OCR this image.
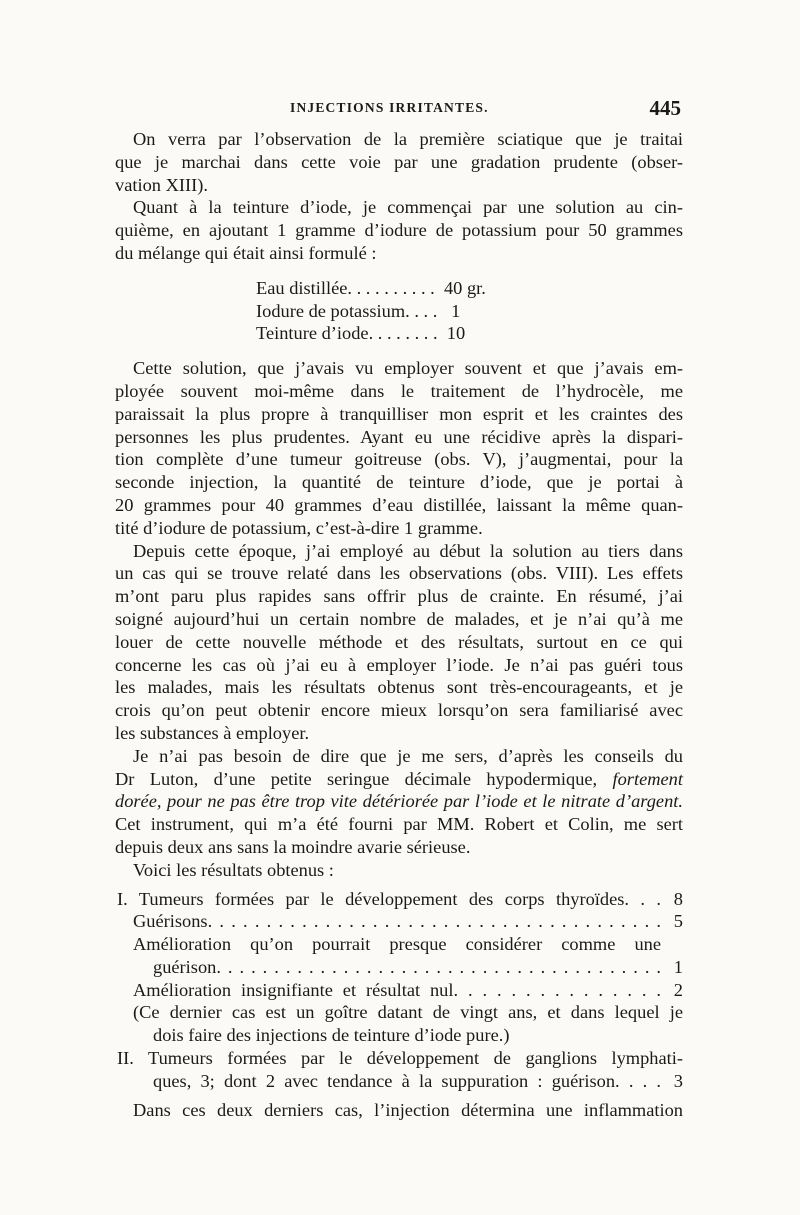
INJECTIONS IRRITANTES.	445
On verra par l’observation de la première sciatique que je traitai
que je marchai dans cette voie par une gradation prudente (obser-
vation XIII).
Quant à la teinture d’iode, je commençai par une solution au cin-
quième, en ajoutant 1 gramme d’iodure de potassium pour 50 grammes
du mélange qui était ainsi formulé :
Eau distillée. . . . . . . . . .  40 gr.
Iodure de potassium. . . .   1
Teinture d’iode. . . . . . . .  10
Cette solution, que j’avais vu employer souvent et que j’avais em-
ployée souvent moi-même dans le traitement de l’hydrocèle, me
paraissait la plus propre à tranquilliser mon esprit et les craintes des
personnes les plus prudentes. Ayant eu une récidive après la dispari-
tion complète d’une tumeur goitreuse (obs. V), j’augmentai, pour la
seconde injection, la quantité de teinture d’iode, que je portai à
20 grammes pour 40 grammes d’eau distillée, laissant la même quan-
tité d’iodure de potassium, c’est-à-dire 1 gramme.
Depuis cette époque, j’ai employé au début la solution au tiers dans
un cas qui se trouve relaté dans les observations (obs. VIII). Les effets
m’ont paru plus rapides sans offrir plus de crainte. En résumé, j’ai
soigné aujourd’hui un certain nombre de malades, et je n’ai qu’à me
louer de cette nouvelle méthode et des résultats, surtout en ce qui
concerne les cas où j’ai eu à employer l’iode. Je n’ai pas guéri tous
les malades, mais les résultats obtenus sont très-encourageants, et je
crois qu’on peut obtenir encore mieux lorsqu’on sera familiarisé avec
les substances à employer.
Je n’ai pas besoin de dire que je me sers, d’après les conseils du
Dr Luton, d’une petite seringue décimale hypodermique, fortement
dorée, pour ne pas être trop vite détériorée par l’iode et le nitrate d’argent.
Cet instrument, qui m’a été fourni par MM. Robert et Colin, me sert
depuis deux ans sans la moindre avarie sérieuse.
Voici les résultats obtenus :
I. Tumeurs formées par le développement des corps thyroïdes. . . 8
Guérisons. . . . . . . . . . . . . . . . . . . . . . . . . . . . . . . . . . . . . . . 5
Amélioration qu’on pourrait presque considérer comme une
guérison. . . . . . . . . . . . . . . . . . . . . . . . . . . . . . . . . . . . . . . 1
Amélioration insignifiante et résultat nul. . . . . . . . . . . . . . . 2
(Ce dernier cas est un goître datant de vingt ans, et dans lequel je
dois faire des injections de teinture d’iode pure.)
II. Tumeurs formées par le développement de ganglions lymphati-
ques, 3; dont 2 avec tendance à la suppuration : guérison. . . . 3
Dans ces deux derniers cas, l’injection détermina une inflammation
